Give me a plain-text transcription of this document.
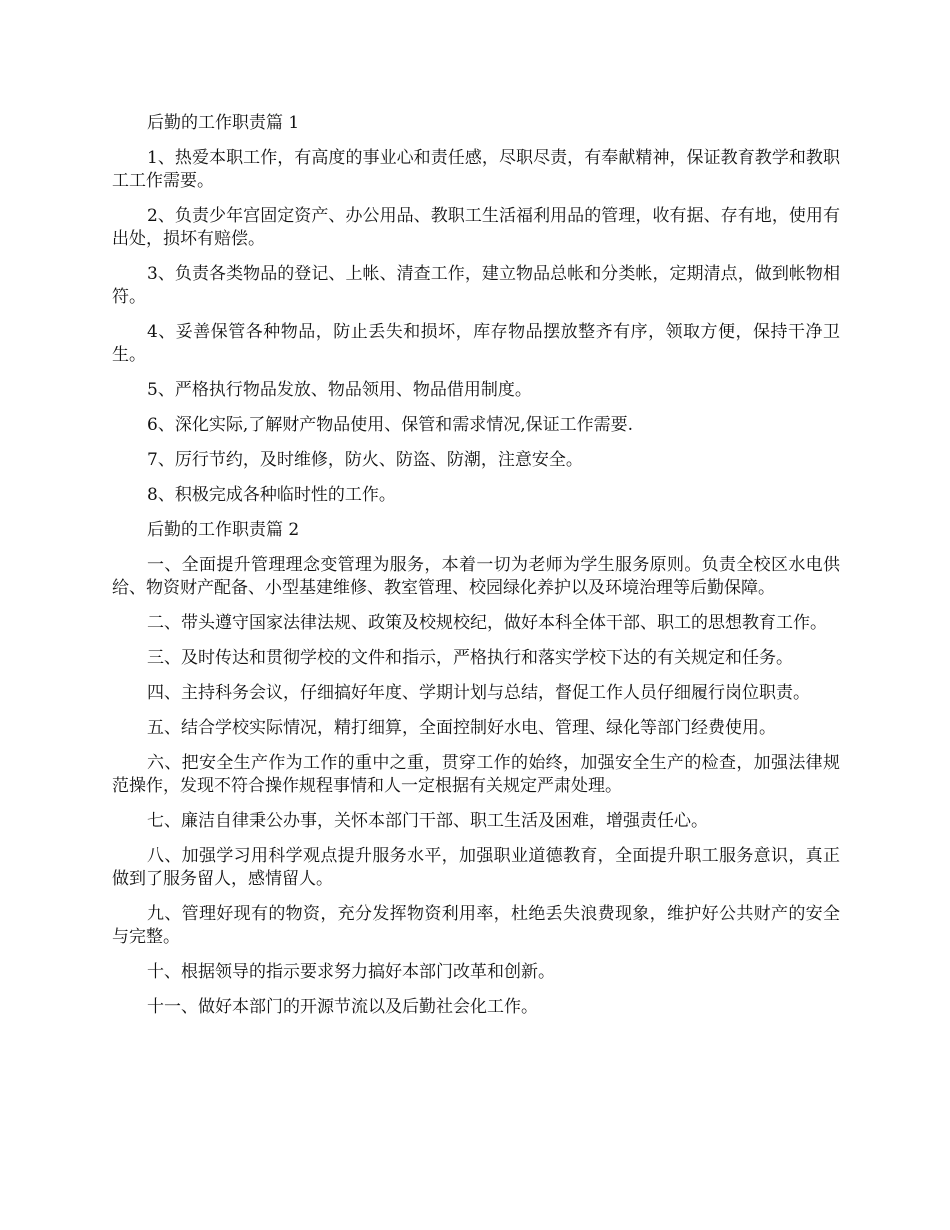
后勤的工作职责篇 1

1、热爱本职工作，有高度的事业心和责任感，尽职尽责，有奉献精神，保证教育教学和教职工工作需要。

2、负责少年宫固定资产、办公用品、教职工生活福利用品的管理，收有据、存有地，使用有出处，损坏有赔偿。

3、负责各类物品的登记、上帐、清查工作，建立物品总帐和分类帐，定期清点，做到帐物相符。

4、妥善保管各种物品，防止丢失和损坏，库存物品摆放整齐有序，领取方便，保持干净卫生。

5、严格执行物品发放、物品领用、物品借用制度。

6、深化实际,了解财产物品使用、保管和需求情况,保证工作需要.

7、厉行节约，及时维修，防火、防盗、防潮，注意安全。

8、积极完成各种临时性的工作。

后勤的工作职责篇 2

一、全面提升管理理念变管理为服务，本着一切为老师为学生服务原则。负责全校区水电供给、物资财产配备、小型基建维修、教室管理、校园绿化养护以及环境治理等后勤保障。

二、带头遵守国家法律法规、政策及校规校纪，做好本科全体干部、职工的思想教育工作。

三、及时传达和贯彻学校的文件和指示，严格执行和落实学校下达的有关规定和任务。

四、主持科务会议，仔细搞好年度、学期计划与总结，督促工作人员仔细履行岗位职责。

五、结合学校实际情况，精打细算，全面控制好水电、管理、绿化等部门经费使用。

六、把安全生产作为工作的重中之重，贯穿工作的始终，加强安全生产的检查，加强法律规范操作，发现不符合操作规程事情和人一定根据有关规定严肃处理。

七、廉洁自律秉公办事，关怀本部门干部、职工生活及困难，增强责任心。

八、加强学习用科学观点提升服务水平，加强职业道德教育，全面提升职工服务意识，真正做到了服务留人，感情留人。

九、管理好现有的物资，充分发挥物资利用率，杜绝丢失浪费现象，维护好公共财产的安全与完整。

十、根据领导的指示要求努力搞好本部门改革和创新。

十一、做好本部门的开源节流以及后勤社会化工作。
